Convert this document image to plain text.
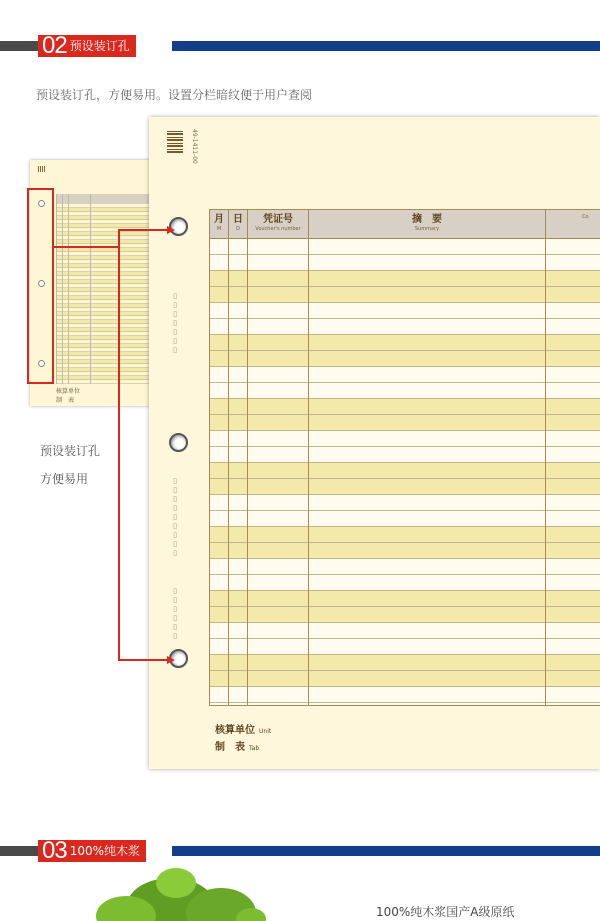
02 预设装订孔
预设装订孔，方便易用。设置分栏暗纹便于用户查阅
核算单位
制　表
预设装订孔
方便易用
49-1411-00
▯▯▯▯▯▯▯
▯▯▯▯▯▯▯▯▯
▯▯▯▯▯▯
月
M
日
D
凭证号
Voucher's number
摘　要
Summary
Co
核算单位 Unit
制　表 Tab
03 100%纯木浆
100%纯木浆国产A级原纸
